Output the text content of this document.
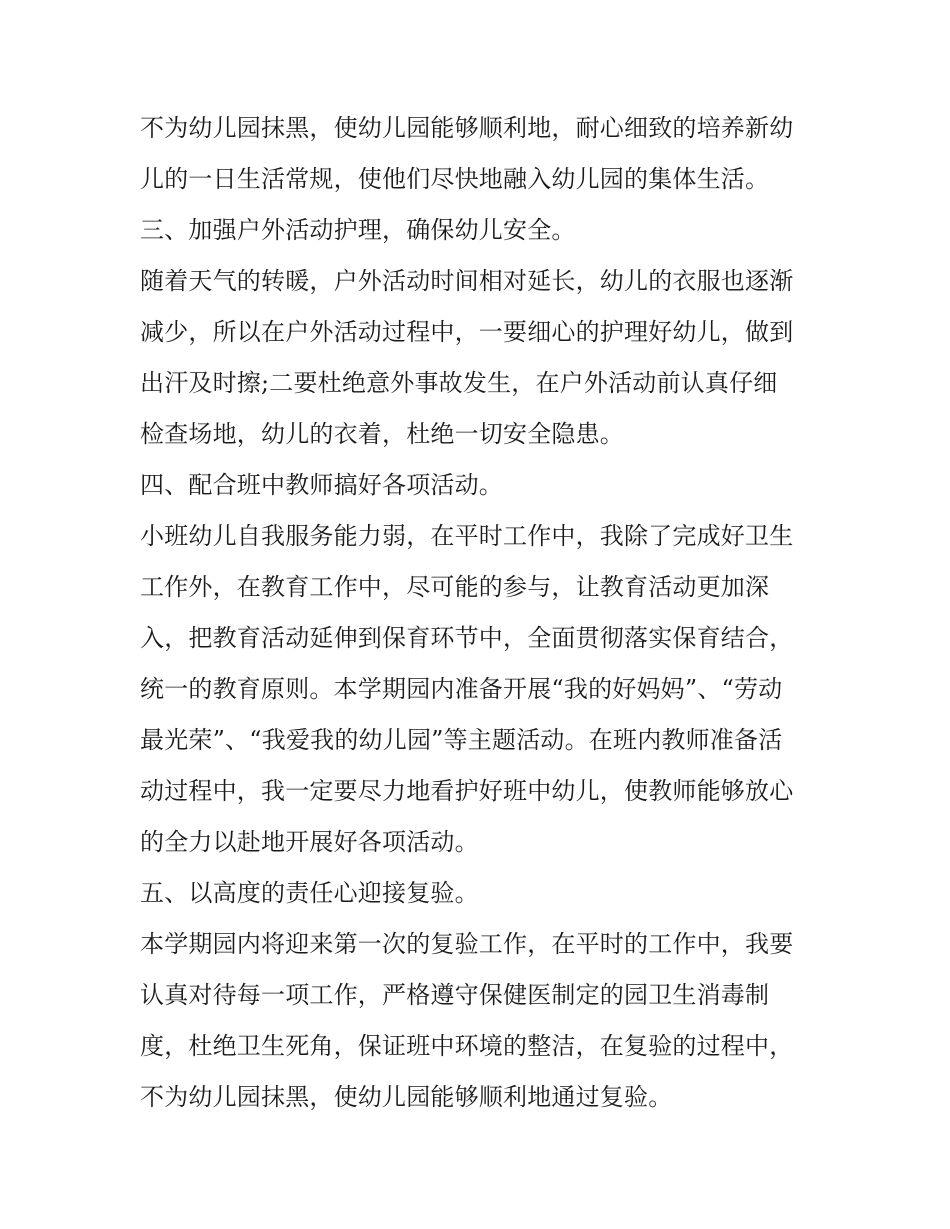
不为幼儿园抹黑，使幼儿园能够顺利地，耐心细致的培养新幼
儿的一日生活常规，使他们尽快地融入幼儿园的集体生活。
三、加强户外活动护理，确保幼儿安全。
随着天气的转暖，户外活动时间相对延长，幼儿的衣服也逐渐
减少，所以在户外活动过程中，一要细心的护理好幼儿，做到
出汗及时擦;二要杜绝意外事故发生，在户外活动前认真仔细
检查场地，幼儿的衣着，杜绝一切安全隐患。
四、配合班中教师搞好各项活动。
小班幼儿自我服务能力弱，在平时工作中，我除了完成好卫生
工作外，在教育工作中，尽可能的参与，让教育活动更加深
入，把教育活动延伸到保育环节中，全面贯彻落实保育结合，
统一的教育原则。本学期园内准备开展“我的好妈妈”、“劳动
最光荣”、“我爱我的幼儿园”等主题活动。在班内教师准备活
动过程中，我一定要尽力地看护好班中幼儿，使教师能够放心
的全力以赴地开展好各项活动。
五、以高度的责任心迎接复验。
本学期园内将迎来第一次的复验工作，在平时的工作中，我要
认真对待每一项工作，严格遵守保健医制定的园卫生消毒制
度，杜绝卫生死角，保证班中环境的整洁，在复验的过程中，
不为幼儿园抹黑，使幼儿园能够顺利地通过复验。
